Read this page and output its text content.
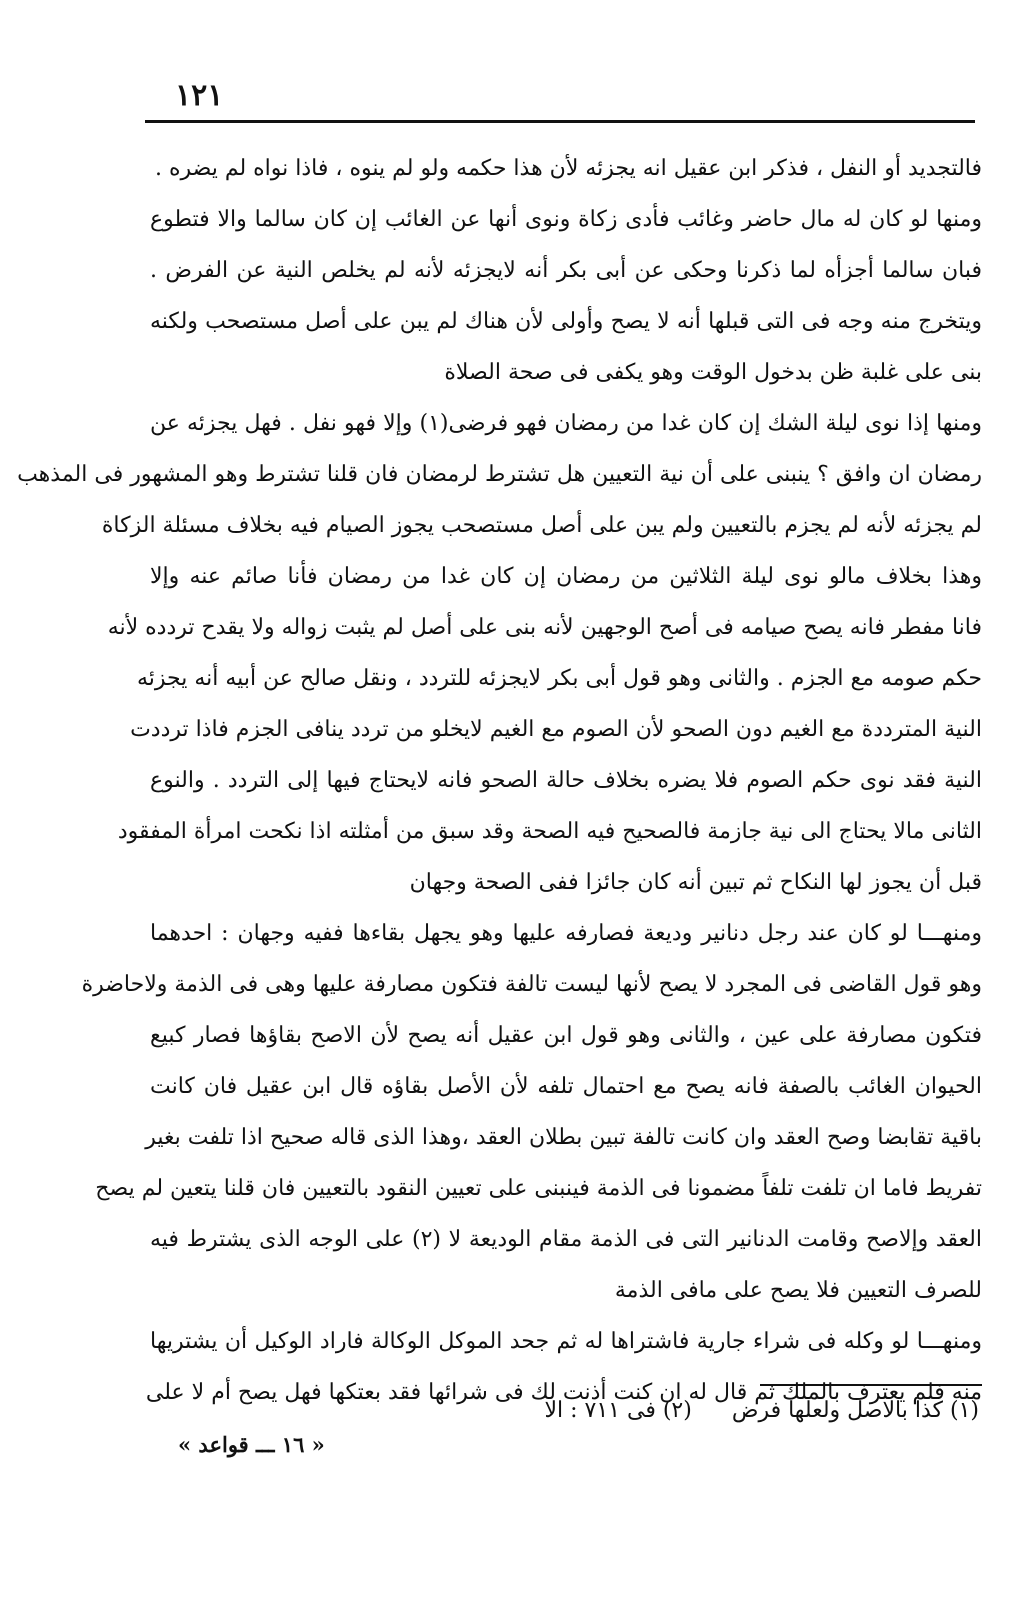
١٢١
فالتجديد أو النفل ، فذكر ابن عقيل انه يجزئه لأن هذا حكمه ولو لم ينوه ، فاذا نواه لم يضره .
ومنها لو كان له مال حاضر وغائب فأدى زكاة ونوى أنها عن الغائب إن كان سالما والا فتطوع
فبان سالما أجزأه لما ذكرنا وحكى عن أبى بكر أنه لايجزئه لأنه لم يخلص النية عن الفرض .
ويتخرج منه وجه فى التى قبلها أنه لا يصح وأولى لأن هناك لم يبن على أصل مستصحب ولكنه
بنى على غلبة ظن بدخول الوقت وهو يكفى فى صحة الصلاة
ومنها إذا نوى ليلة الشك إن كان غدا من رمضان فهو فرضى(١) وإلا فهو نفل . فهل يجزئه عن
رمضان ان وافق ؟ ينبنى على أن نية التعيين هل تشترط لرمضان فان قلنا تشترط وهو المشهور فى المذهب
لم يجزئه لأنه لم يجزم بالتعيين ولم يبن على أصل مستصحب يجوز الصيام فيه بخلاف مسئلة الزكاة
وهذا بخلاف مالو نوى ليلة الثلاثين من رمضان إن كان غدا من رمضان فأنا صائم عنه وإلا
فانا مفطر فانه يصح صيامه فى أصح الوجهين لأنه بنى على أصل لم يثبت زواله ولا يقدح تردده لأنه
حكم صومه مع الجزم . والثانى وهو قول أبى بكر لايجزئه للتردد ، ونقل صالح عن أبيه أنه يجزئه
النية المترددة مع الغيم دون الصحو لأن الصوم مع الغيم لايخلو من تردد ينافى الجزم فاذا ترددت
النية فقد نوى حكم الصوم فلا يضره بخلاف حالة الصحو فانه لايحتاج فيها إلى التردد . والنوع
الثانى مالا يحتاج الى نية جازمة فالصحيح فيه الصحة وقد سبق من أمثلته اذا نكحت امرأة المفقود
قبل أن يجوز لها النكاح ثم تبين أنه كان جائزا ففى الصحة وجهان
ومنهـــا لو كان عند رجل دنانير وديعة فصارفه عليها وهو يجهل بقاءها ففيه وجهان : احدهما
وهو قول القاضى فى المجرد لا يصح لأنها ليست تالفة فتكون مصارفة عليها وهى فى الذمة ولاحاضرة
فتكون مصارفة على عين ، والثانى وهو قول ابن عقيل أنه يصح لأن الاصح بقاؤها فصار كبيع
الحيوان الغائب بالصفة فانه يصح مع احتمال تلفه لأن الأصل بقاؤه قال ابن عقيل فان كانت
باقية تقابضا وصح العقد وان كانت تالفة تبين بطلان العقد ،وهذا الذى قاله صحيح اذا تلفت بغير
تفريط فاما ان تلفت تلفاً مضمونا فى الذمة فينبنى على تعيين النقود بالتعيين فان قلنا يتعين لم يصح
العقد وإلاصح وقامت الدنانير التى فى الذمة مقام الوديعة لا (٢) على الوجه الذى يشترط فيه
للصرف التعيين فلا يصح على مافى الذمة
ومنهـــا لو وكله فى شراء جارية فاشتراها له ثم جحد الموكل الوكالة فاراد الوكيل أن يشتريها
منه فلم يعترف بالملك ثم قال له ان كنت أذنت لك فى شرائها فقد بعتكها فهل يصح أم لا على
(١) كذا بالاصل ولعلها فرض(٢) فى ٧١١ : الا
« ١٦ ـــ قواعد »
